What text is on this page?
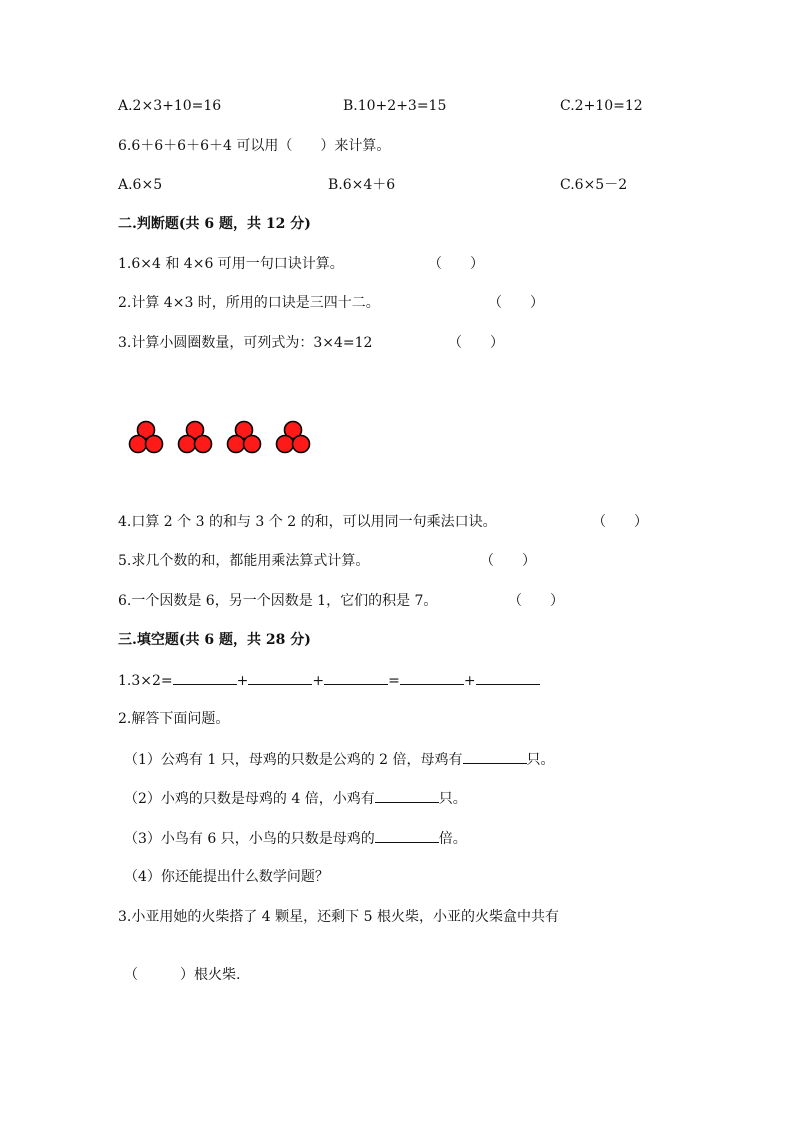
A.2×3+10=16	B.10+2+3=15	C.2+10=12
6.6＋6＋6＋6＋4 可以用（　　）来计算。
A.6×5	B.6×4＋6	C.6×5－2
二.判断题(共 6 题，共 12 分)
1.6×4 和 4×6 可用一句口诀计算。	（　　）
2.计算 4×3 时，所用的口诀是三四十二。	（　　）
3.计算小圆圈数量，可列式为：3×4=12	（　　）
4.口算 2 个 3 的和与 3 个 2 的和，可以用同一句乘法口诀。	（　　）
5.求几个数的和，都能用乘法算式计算。	（　　）
6.一个因数是 6，另一个因数是 1，它们的积是 7。	（　　）
三.填空题(共 6 题，共 28 分)
1.3×2=	+	+	=	+
2.解答下面问题。
（1）公鸡有 1 只，母鸡的只数是公鸡的 2 倍，母鸡有	只。
（2）小鸡的只数是母鸡的 4 倍，小鸡有	只。
（3）小鸟有 6 只，小鸟的只数是母鸡的	倍。
（4）你还能提出什么数学问题？
3.小亚用她的火柴搭了 4 颗星，还剩下 5 根火柴，小亚的火柴盒中共有
（　　　）根火柴.
